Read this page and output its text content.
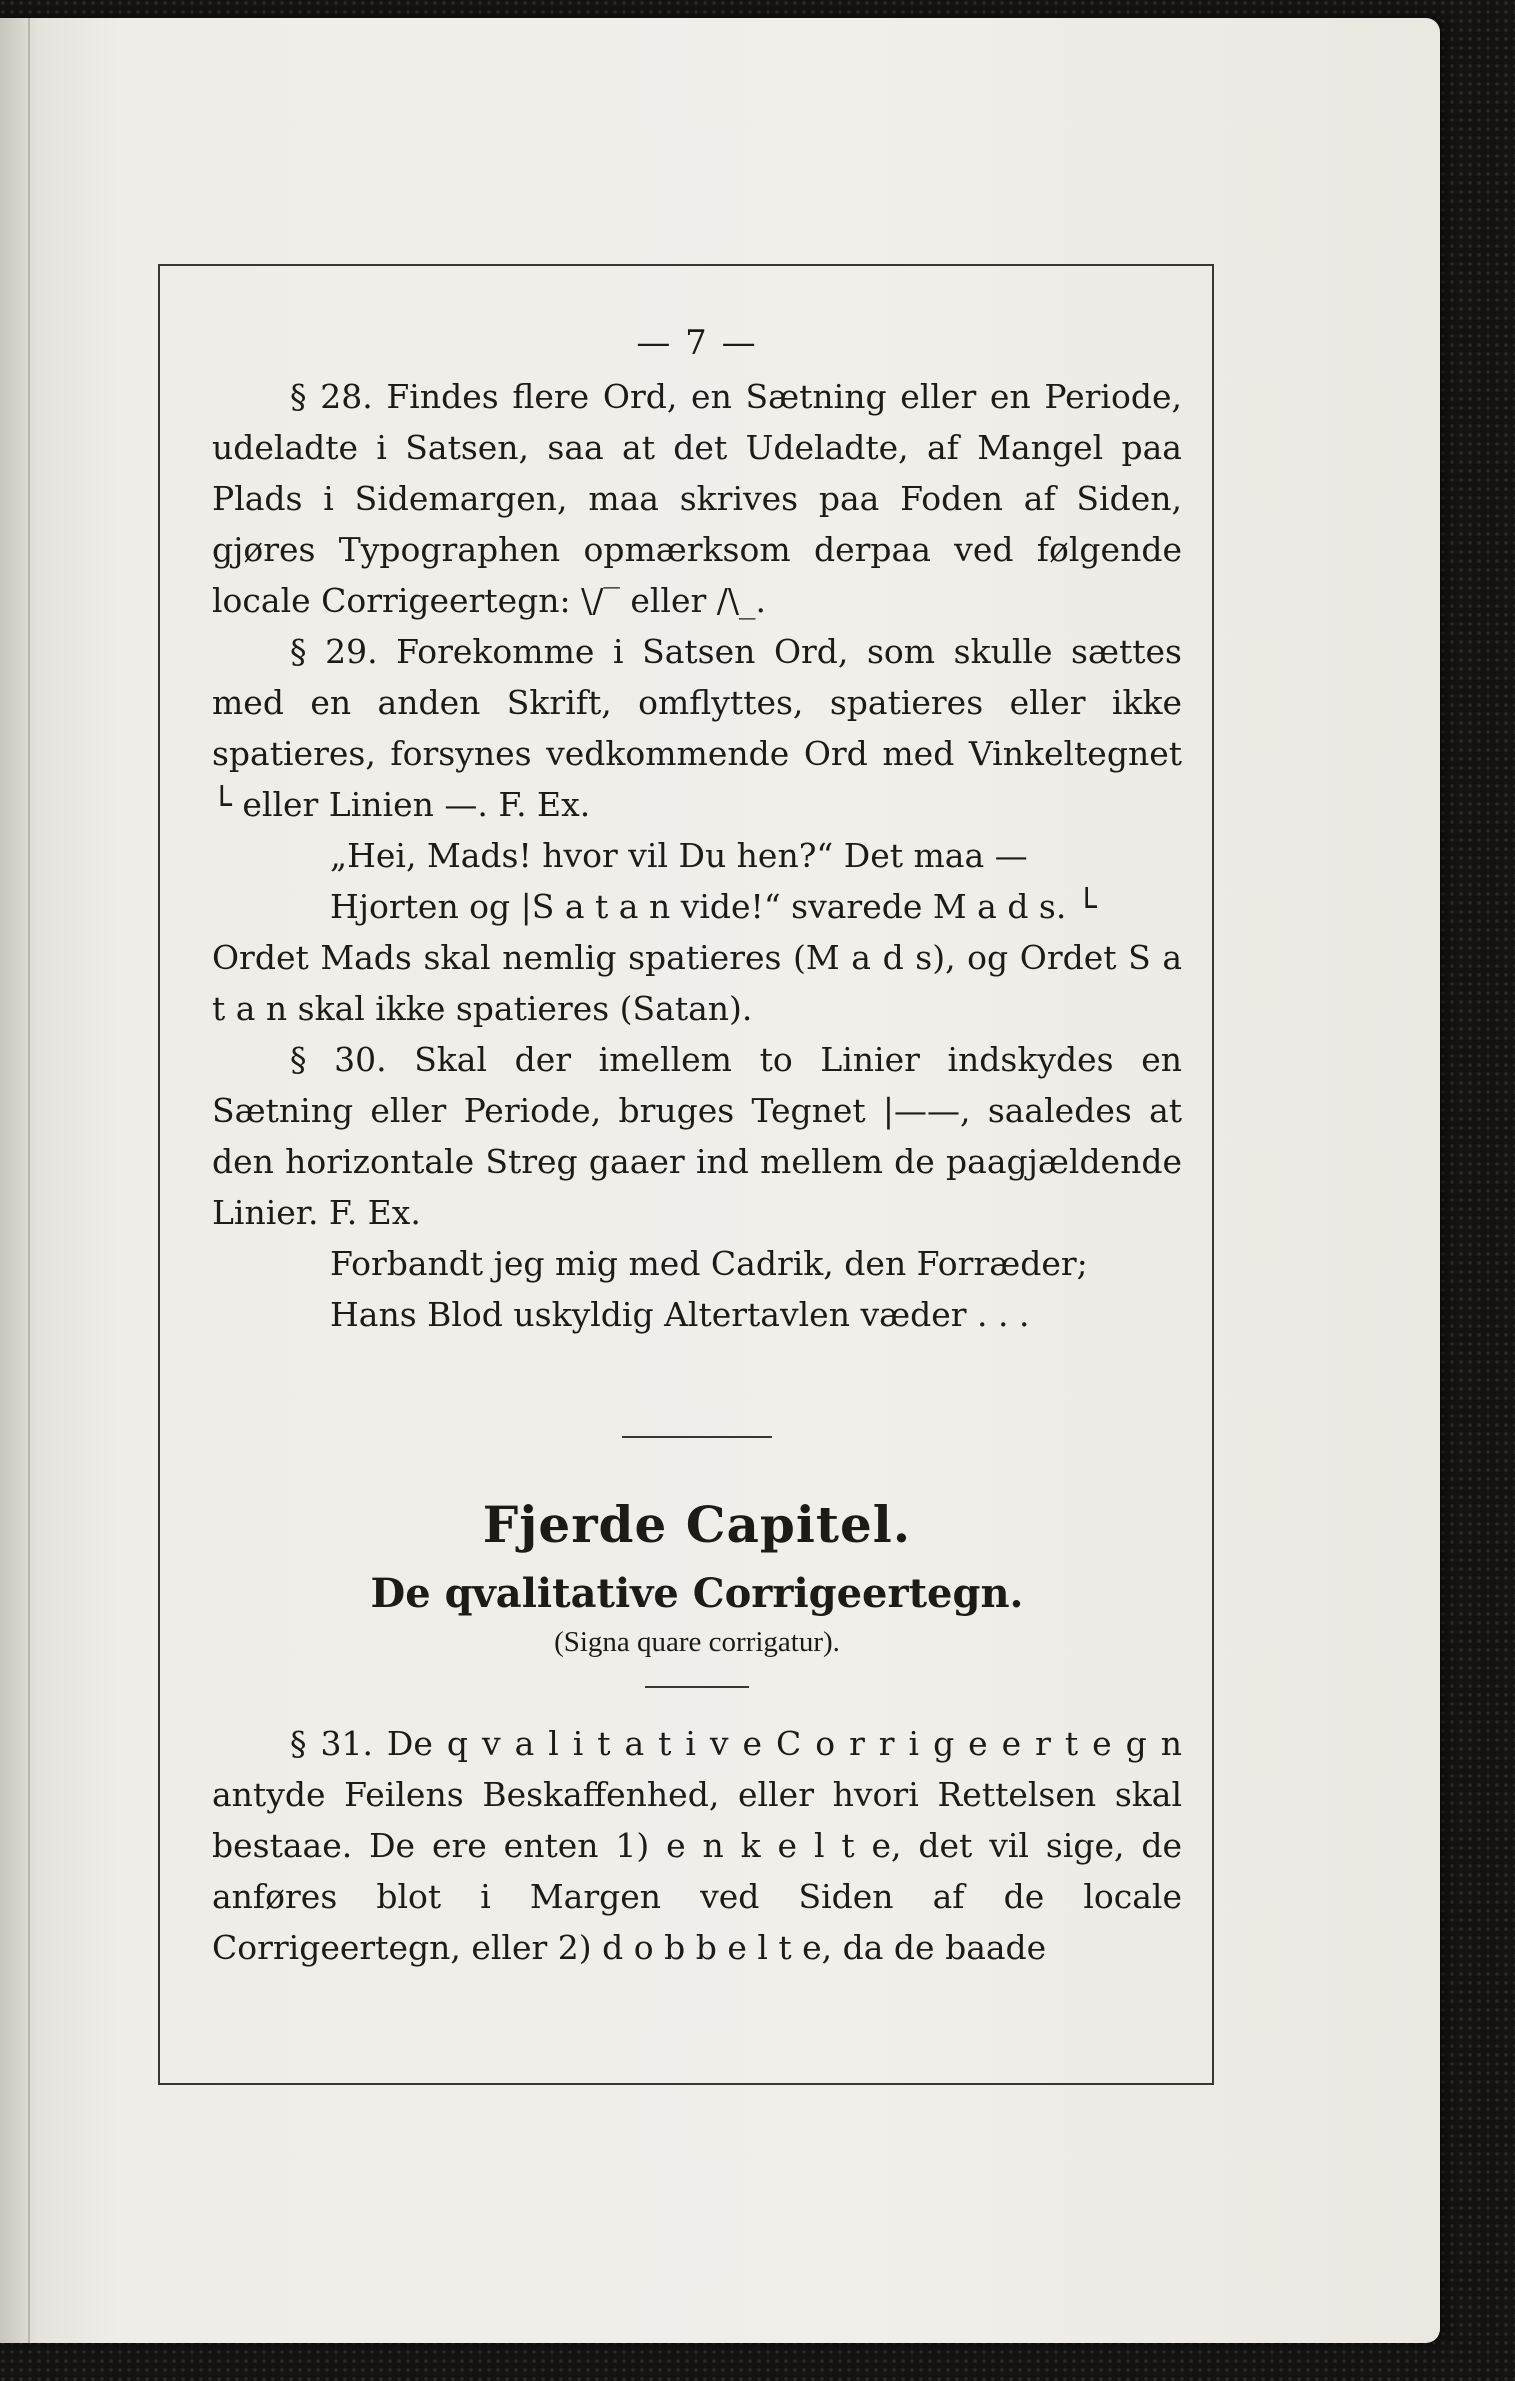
— 7 —

§ 28. Findes flere Ord, en Sætning eller en Periode, udeladte i Satsen, saa at det Udeladte, af Mangel paa Plads i Sidemargen, maa skrives paa Foden af Siden, gjøres Typographen opmærksom derpaa ved følgende locale Corrigeertegn: \/‾ eller /\_.

§ 29. Forekomme i Satsen Ord, som skulle sættes med en anden Skrift, omflyttes, spatieres eller ikke spatieres, forsynes vedkommende Ord med Vinkeltegnet └ eller Linien —. F. Ex.

„Hei, Mads! hvor vil Du hen?“ Det maa —

Hjorten og |S a t a n vide!“ svarede M a d s. └

Ordet Mads skal nemlig spatieres (M a d s), og Ordet S a t a n skal ikke spatieres (Satan).

§ 30. Skal der imellem to Linier indskydes en Sætning eller Periode, bruges Tegnet |——, saaledes at den horizontale Streg gaaer ind mellem de paagjældende Linier. F. Ex.

Forbandt jeg mig med Cadrik, den Forræder;

Hans Blod uskyldig Altertavlen væder . . .

Fjerde Capitel.
De qvalitative Corrigeertegn.
(Signa quare corrigatur).

§ 31. De q v a l i t a t i v e C o r r i g e e r t e g n antyde Feilens Beskaffenhed, eller hvori Rettelsen skal bestaae. De ere enten 1) e n k e l t e, det vil sige, de anføres blot i Margen ved Siden af de locale Corrigeertegn, eller 2) d o b b e l t e, da de baade
